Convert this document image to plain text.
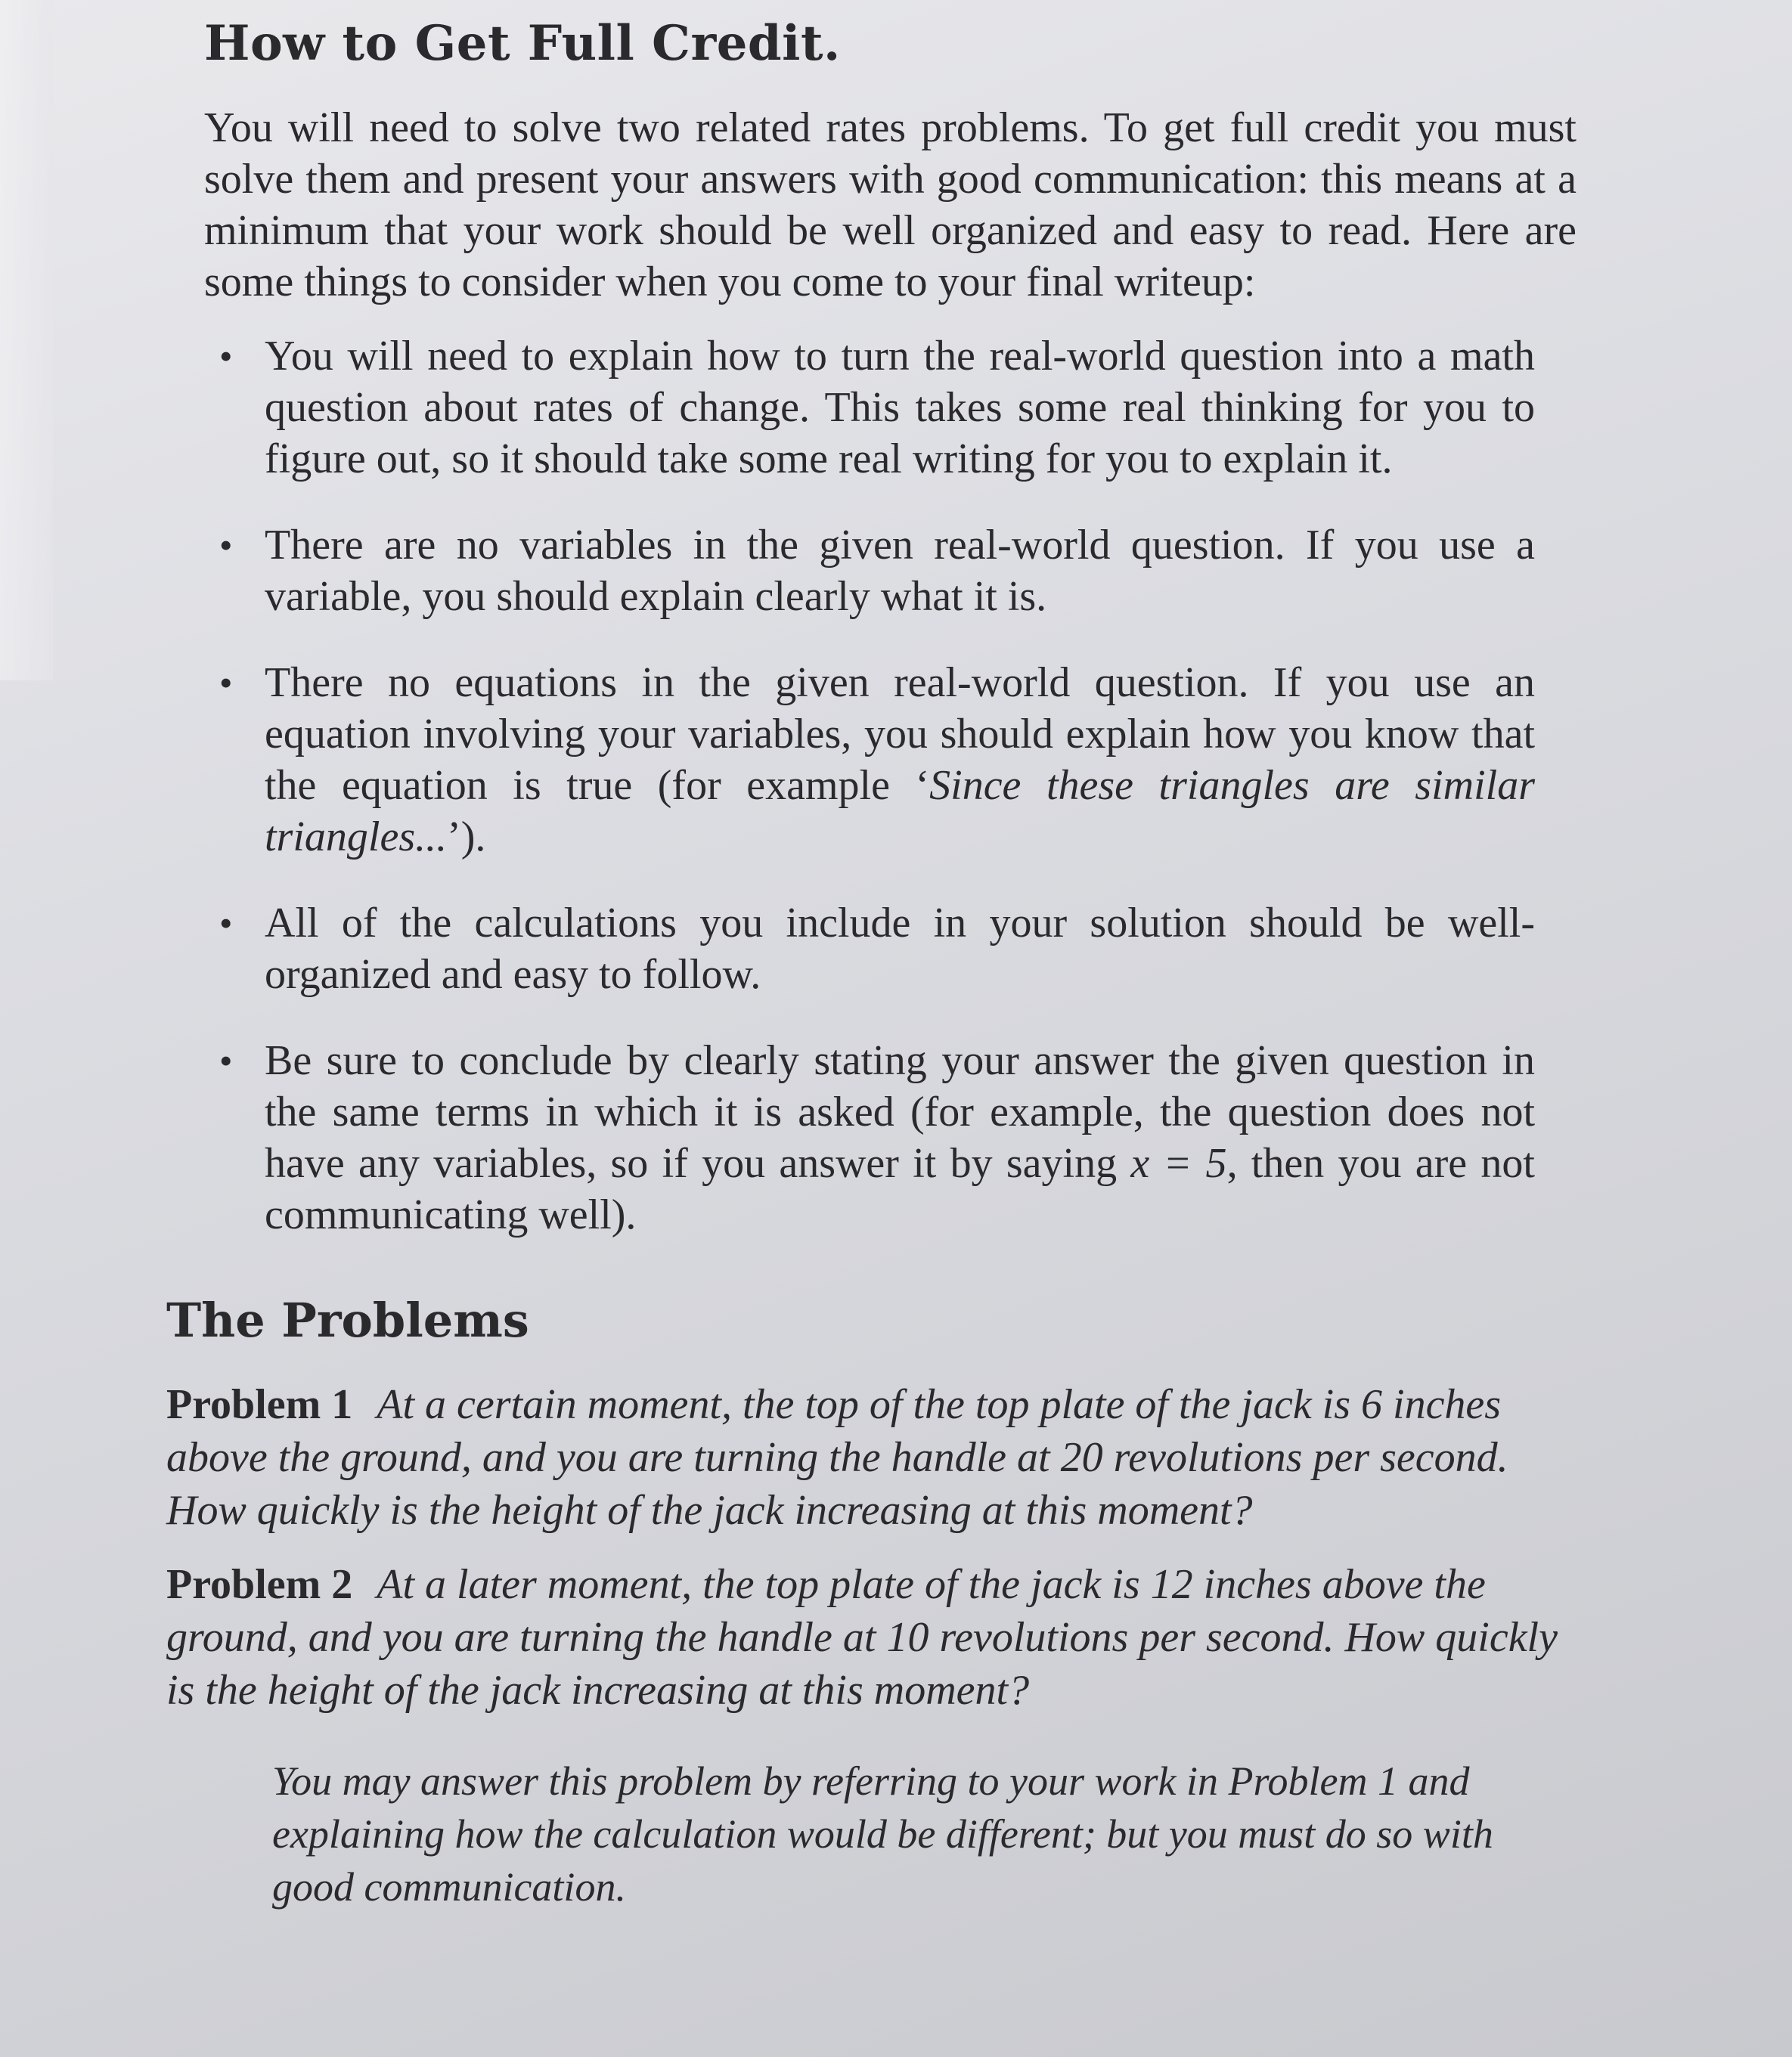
How to Get Full Credit.

You will need to solve two related rates problems. To get full credit you must solve them and present your answers with good communication: this means at a minimum that your work should be well organized and easy to read. Here are some things to consider when you come to your final writeup:

• You will need to explain how to turn the real-world question into a math question about rates of change. This takes some real thinking for you to figure out, so it should take some real writing for you to explain it.
• There are no variables in the given real-world question. If you use a variable, you should explain clearly what it is.
• There no equations in the given real-world question. If you use an equation involving your variables, you should explain how you know that the equation is true (for example ‘Since these triangles are similar triangles...’).
• All of the calculations you include in your solution should be well-organized and easy to follow.
• Be sure to conclude by clearly stating your answer the given question in the same terms in which it is asked (for example, the question does not have any variables, so if you answer it by saying x = 5, then you are not communicating well).
The Problems

Problem 1 At a certain moment, the top of the top plate of the jack is 6 inches above the ground, and you are turning the handle at 20 revolutions per second. How quickly is the height of the jack increasing at this moment?

Problem 2 At a later moment, the top plate of the jack is 12 inches above the ground, and you are turning the handle at 10 revolutions per second. How quickly is the height of the jack increasing at this moment?

You may answer this problem by referring to your work in Problem 1 and explaining how the calculation would be different; but you must do so with good communication.
